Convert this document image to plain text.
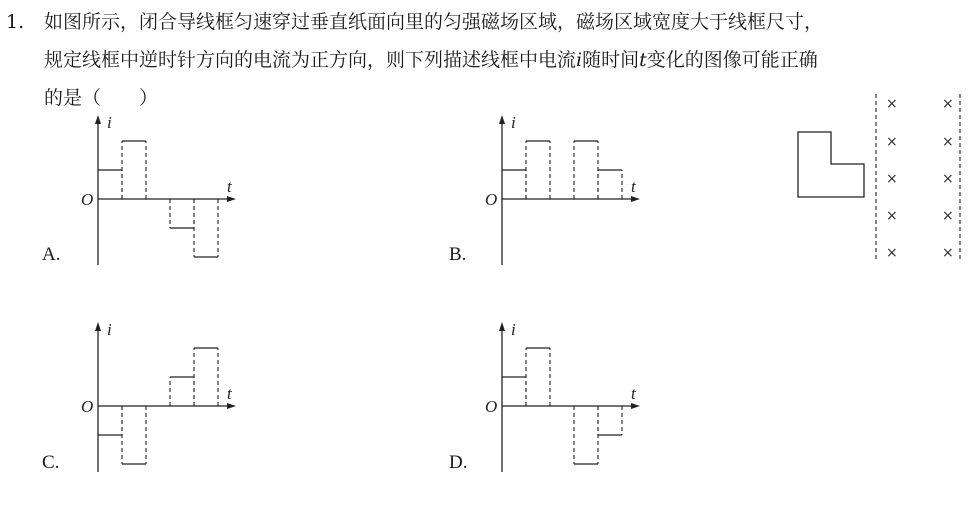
1. 如图所示，闭合导线框匀速穿过垂直纸面向里的匀强磁场区域，磁场区域宽度大于线框尺寸，
规定线框中逆时针方向的电流为正方向，则下列描述线框中电流i随时间t变化的图像可能正确
的是（　　）
A.	B.
C.	D.
i
t
O
i
t
O
i
t
O
i
t
O
×
×
×
×
×
×
×
×
×
×
